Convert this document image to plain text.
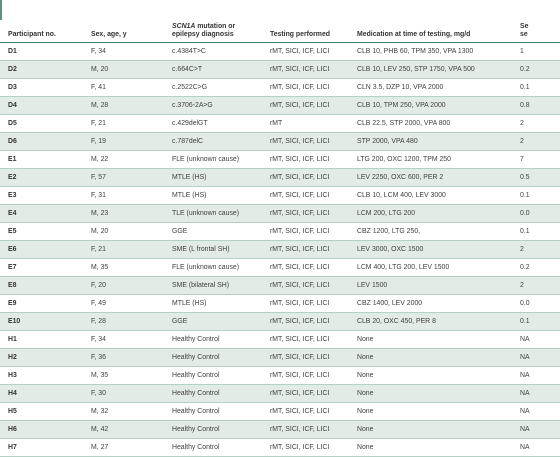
Participant no.	Sex, age, y	SCN1A mutation or
epilepsy diagnosis	Testing performed	Medication at time of testing, mg/d	Se
se
D1	F, 34	c.4384T>C	rMT, SICI, ICF, LICI	CLB 10, PHB 60, TPM 350, VPA 1300	1
D2	M, 20	c.664C>T	rMT, SICI, ICF, LICI	CLB 10, LEV 250, STP 1750, VPA 500	0.2
D3	F, 41	c.2522C>G	rMT, SICI, ICF, LICI	CLN 3.5, DZP 10, VPA 2000	0.1
D4	M, 28	c.3706-2A>G	rMT, SICI, ICF, LICI	CLB 10, TPM 250, VPA 2000	0.8
D5	F, 21	c.429delGT	rMT	CLB 22.5, STP 2000, VPA 800	2
D6	F, 19	c.787delC	rMT, SICI, ICF, LICI	STP 2000, VPA 480	2
E1	M, 22	FLE (unknown cause)	rMT, SICI, ICF, LICI	LTG 200, OXC 1200, TPM 250	7
E2	F, 57	MTLE (HS)	rMT, SICI, ICF, LICI	LEV 2250, OXC 600, PER 2	0.5
E3	F, 31	MTLE (HS)	rMT, SICI, ICF, LICI	CLB 10, LCM 400, LEV 3000	0.1
E4	M, 23	TLE (unknown cause)	rMT, SICI, ICF, LICI	LCM 200, LTG 200	0.0
E5	M, 20	GGE	rMT, SICI, ICF, LICI	CBZ 1200, LTG 250,	0.1
E6	F, 21	SME (L frontal SH)	rMT, SICI, ICF, LICI	LEV 3000, OXC 1500	2
E7	M, 35	FLE (unknown cause)	rMT, SICI, ICF, LICI	LCM 400, LTG 200, LEV 1500	0.2
E8	F, 20	SME (bilateral SH)	rMT, SICI, ICF, LICI	LEV 1500	2
E9	F, 49	MTLE (HS)	rMT, SICI, ICF, LICI	CBZ 1400, LEV 2000	0.0
E10	F, 28	GGE	rMT, SICI, ICF, LICI	CLB 20, OXC 450, PER 8	0.1
H1	F, 34	Healthy Control	rMT, SICI, ICF, LICI	None	NA
H2	F, 36	Healthy Control	rMT, SICI, ICF, LICI	None	NA
H3	M, 35	Healthy Control	rMT, SICI, ICF, LICI	None	NA
H4	F, 30	Healthy Control	rMT, SICI, ICF, LICI	None	NA
H5	M, 32	Healthy Control	rMT, SICI, ICF, LICI	None	NA
H6	M, 42	Healthy Control	rMT, SICI, ICF, LICI	None	NA
H7	M, 27	Healthy Control	rMT, SICI, ICF, LICI	None	NA
